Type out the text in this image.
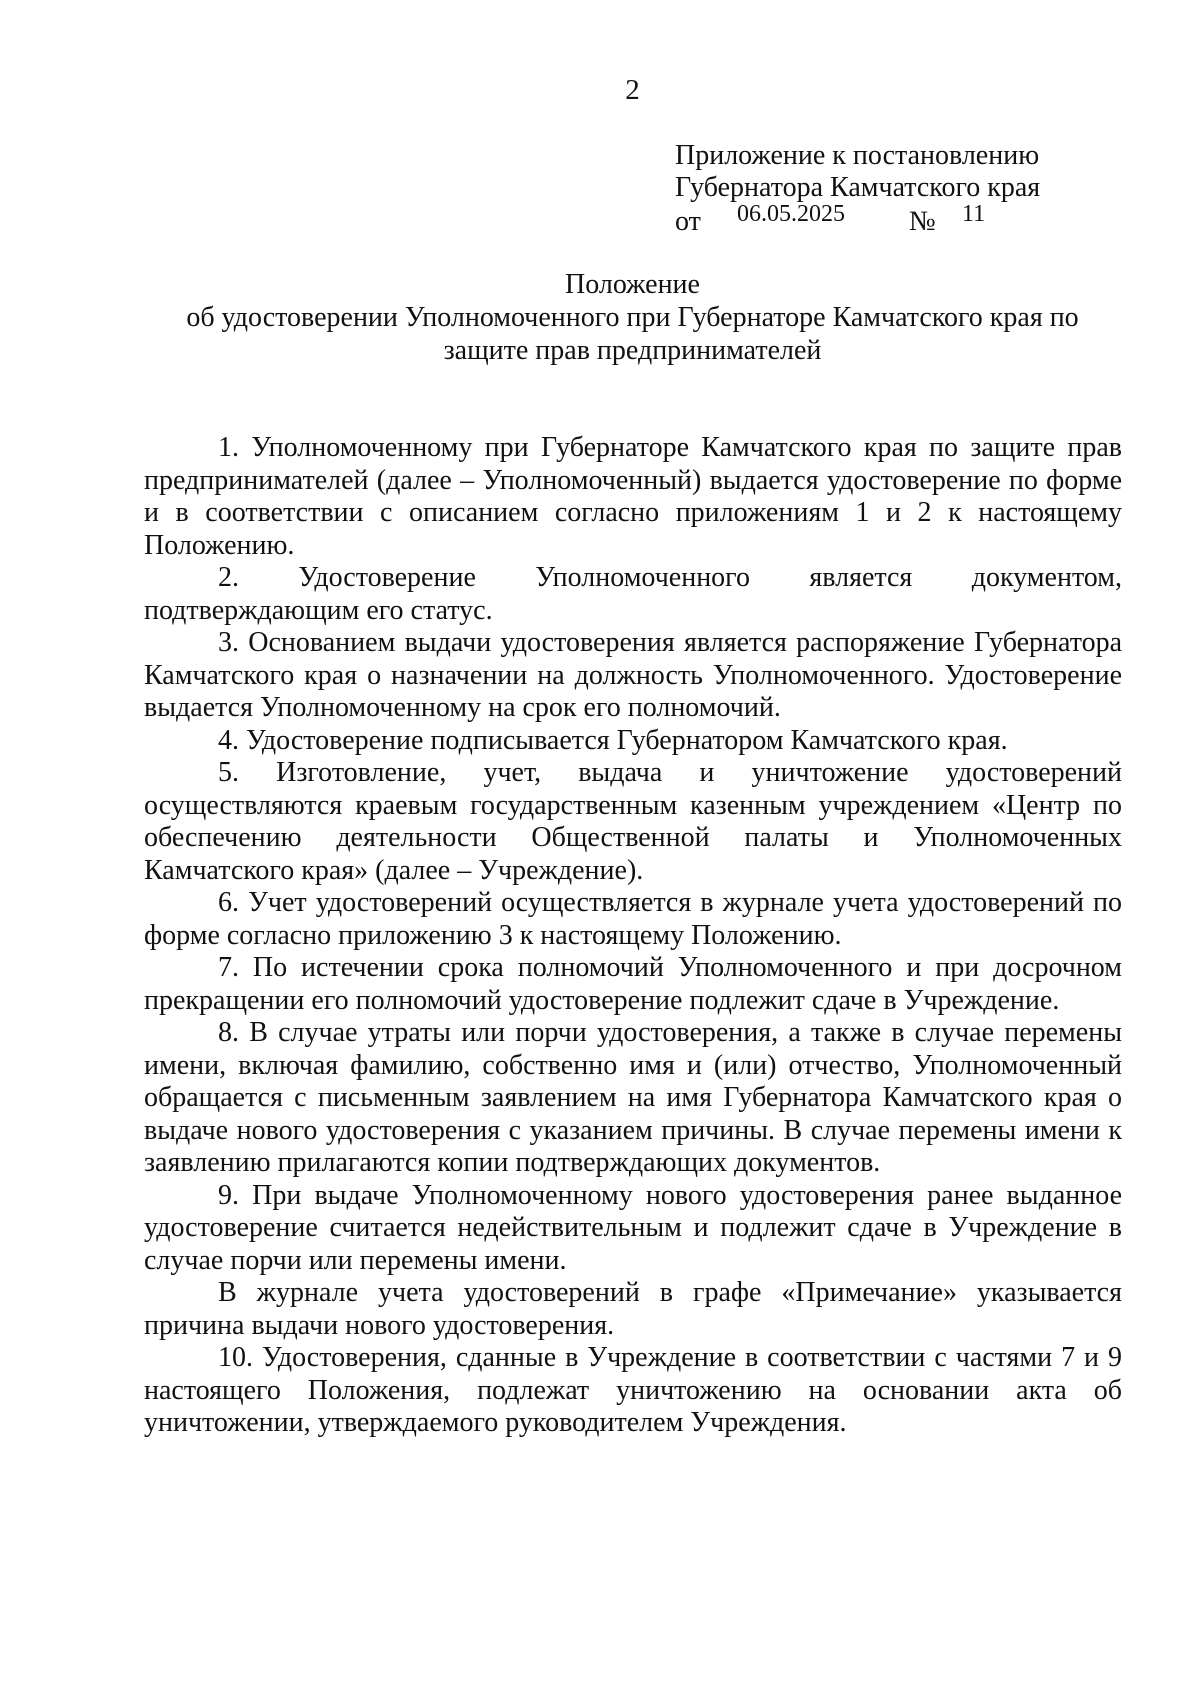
2
Приложение к постановлению
Губернатора Камчатского края
от 06.05.2025 № 11
Положение
об удостоверении Уполномоченного при Губернаторе Камчатского края по защите прав предпринимателей

1. Уполномоченному при Губернаторе Камчатского края по защите прав предпринимателей (далее – Уполномоченный) выдается удостоверение по форме и в соответствии с описанием согласно приложениям 1 и 2 к настоящему Положению.

2. Удостоверение Уполномоченного является документом, подтверждающим его статус.

3. Основанием выдачи удостоверения является распоряжение Губернатора Камчатского края о назначении на должность Уполномоченного. Удостоверение выдается Уполномоченному на срок его полномочий.

4. Удостоверение подписывается Губернатором Камчатского края.

5. Изготовление, учет, выдача и уничтожение удостоверений осуществляются краевым государственным казенным учреждением «Центр по обеспечению деятельности Общественной палаты и Уполномоченных Камчатского края» (далее – Учреждение).

6. Учет удостоверений осуществляется в журнале учета удостоверений по форме согласно приложению 3 к настоящему Положению.

7. По истечении срока полномочий Уполномоченного и при досрочном прекращении его полномочий удостоверение подлежит сдаче в Учреждение.

8. В случае утраты или порчи удостоверения, а также в случае перемены имени, включая фамилию, собственно имя и (или) отчество, Уполномоченный обращается с письменным заявлением на имя Губернатора Камчатского края о выдаче нового удостоверения с указанием причины. В случае перемены имени к заявлению прилагаются копии подтверждающих документов.

9. При выдаче Уполномоченному нового удостоверения ранее выданное удостоверение считается недействительным и подлежит сдаче в Учреждение в случае порчи или перемены имени.

В журнале учета удостоверений в графе «Примечание» указывается причина выдачи нового удостоверения.

10. Удостоверения, сданные в Учреждение в соответствии с частями 7 и 9 настоящего Положения, подлежат уничтожению на основании акта об уничтожении, утверждаемого руководителем Учреждения.
